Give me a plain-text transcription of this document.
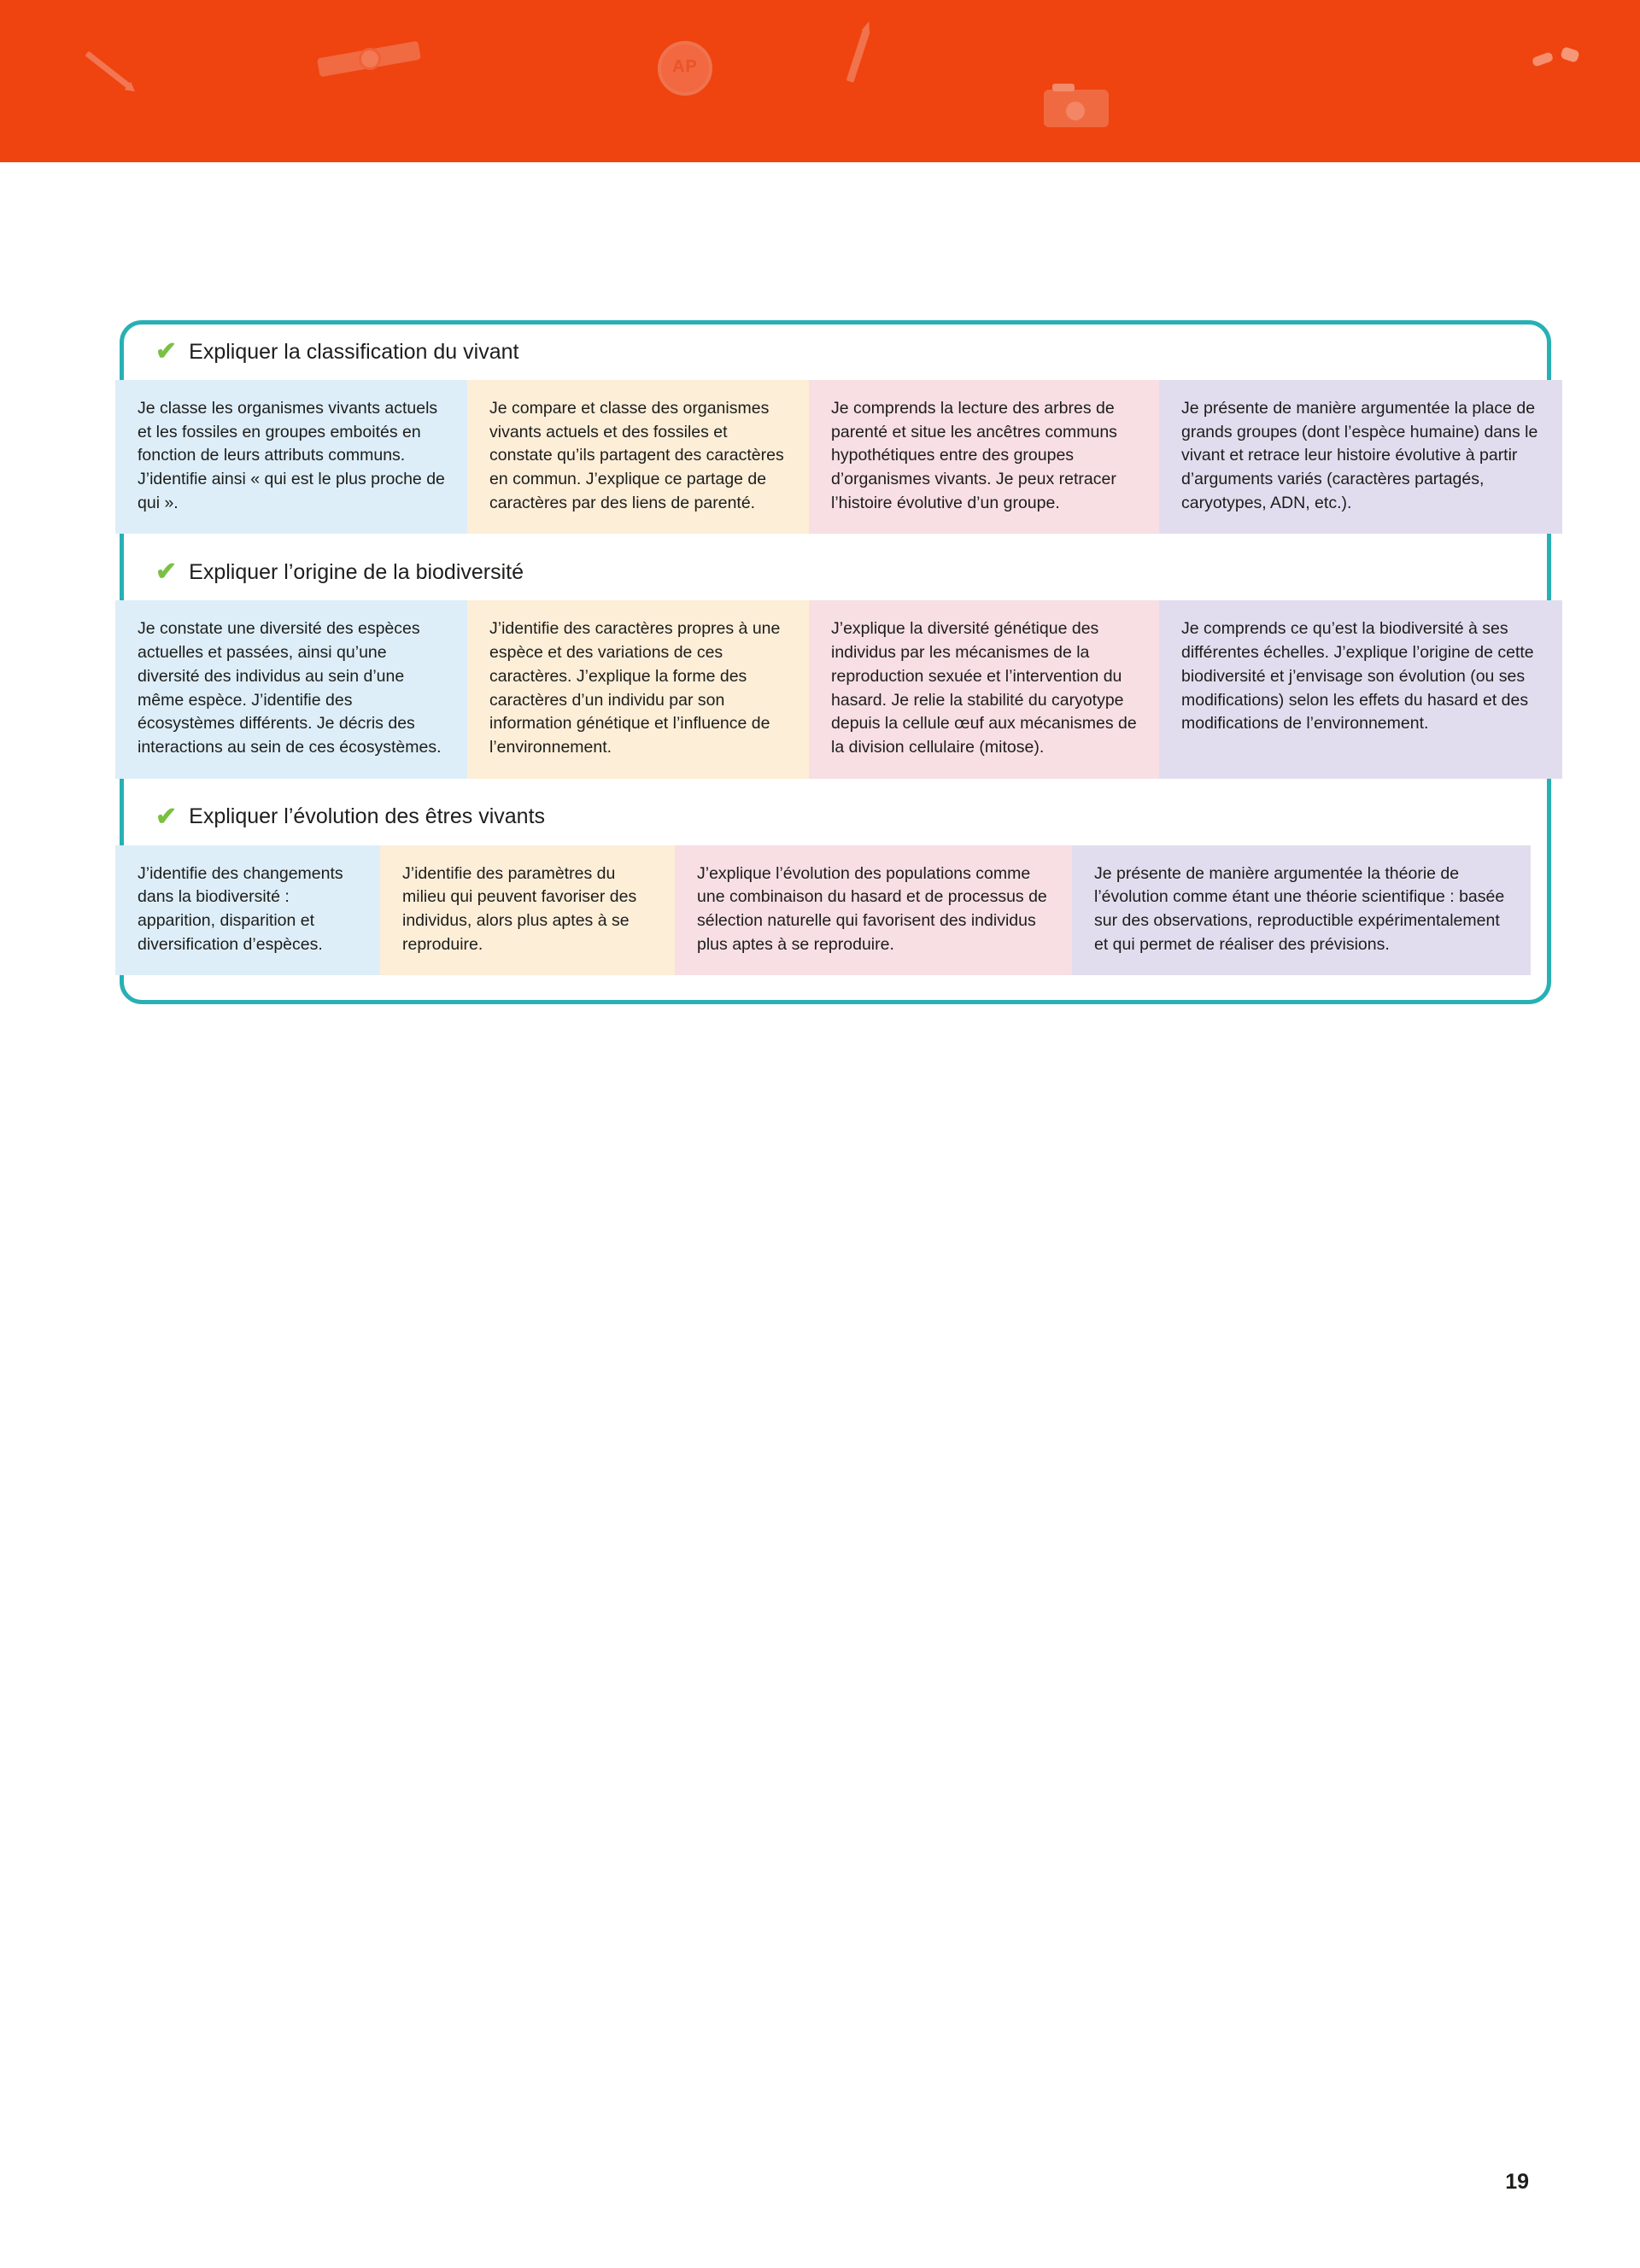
AP
✔ Expliquer la classification du vivant
Je classe les organismes vivants actuels et les fossiles en groupes emboités en fonction de leurs attributs communs. J’identifie ainsi « qui est le plus proche de qui ».
Je compare et classe des organismes vivants actuels et des fossiles et constate qu’ils partagent des caractères en commun. J’explique ce partage de caractères par des liens de parenté.
Je comprends la lecture des arbres de parenté et situe les ancêtres communs hypothétiques entre des groupes d’organismes vivants. Je peux retracer l’histoire évolutive d’un groupe.
Je présente de manière argumentée la place de grands groupes (dont l’espèce humaine) dans le vivant et retrace leur histoire évolutive à partir d’arguments variés (caractères partagés, caryotypes, ADN, etc.).
✔ Expliquer l’origine de la biodiversité
Je constate une diversité des espèces actuelles et passées, ainsi qu’une diversité des individus au sein d’une même espèce. J’identifie des écosystèmes différents. Je décris des interactions au sein de ces écosystèmes.
J’identifie des caractères propres à une espèce et des variations de ces caractères. J’explique la forme des caractères d’un individu par son information génétique et l’influence de l’environnement.
J’explique la diversité génétique des individus par les mécanismes de la reproduction sexuée et l’intervention du hasard. Je relie la stabilité du caryotype depuis la cellule œuf aux mécanismes de la division cellulaire (mitose).
Je comprends ce qu’est la biodiversité à ses différentes échelles. J’explique l’origine de cette biodiversité et j’envisage son évolution (ou ses modifications) selon les effets du hasard et des modifications de l’environnement.
✔ Expliquer l’évolution des êtres vivants
J’identifie des changements dans la biodiversité : apparition, disparition et diversification d’espèces.
J’identifie des paramètres du milieu qui peuvent favoriser des individus, alors plus aptes à se reproduire.
J’explique l’évolution des populations comme une combinaison du hasard et de processus de sélection naturelle qui favorisent des individus plus aptes à se reproduire.
Je présente de manière argumentée la théorie de l’évolution comme étant une théorie scientifique : basée sur des observations, reproductible expérimentalement et qui permet de réaliser des prévisions.
19
